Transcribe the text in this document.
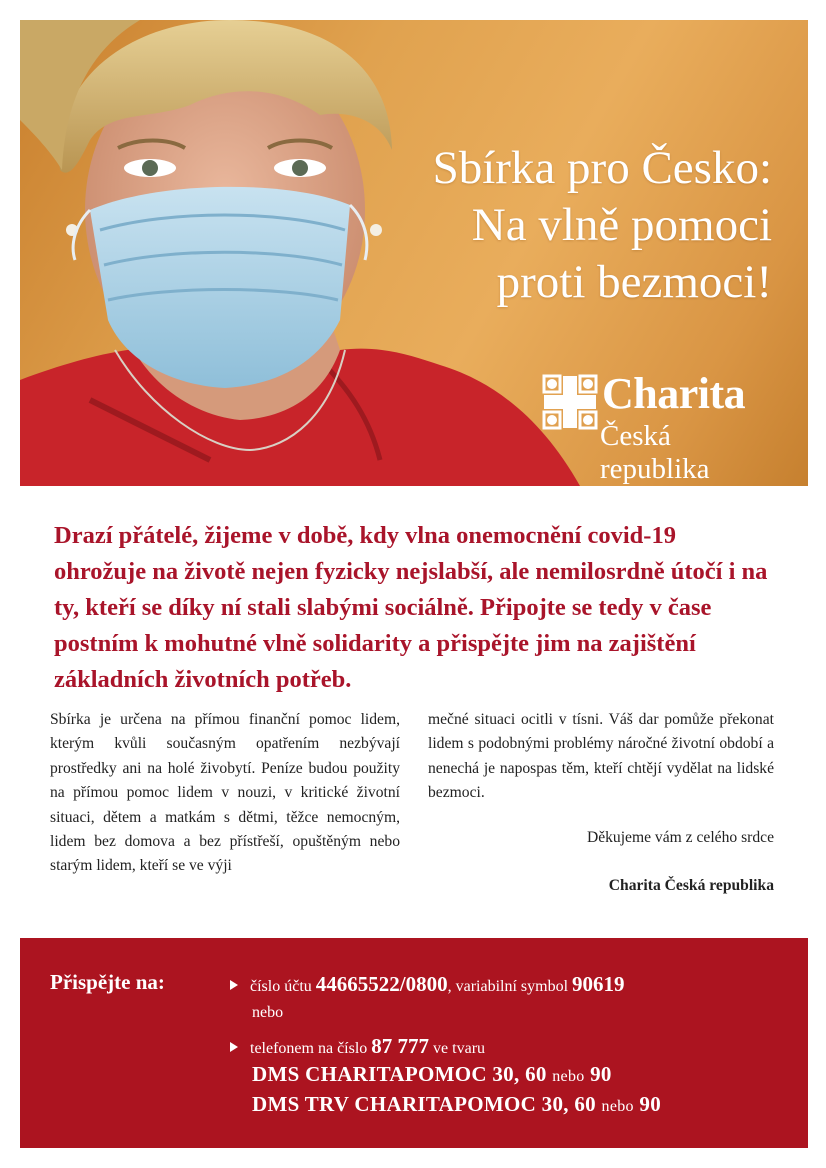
Sbírka pro Česko:
Na vlně pomoci
proti bezmoci!
Charita
Česká republika

Drazí přátelé, žijeme v době, kdy vlna onemocnění covid-19 ohrožuje na životě nejen fyzicky nejslabší, ale nemilosrdně útočí i na ty, kteří se díky ní stali slabými sociálně. Připojte se tedy v čase postním k mohutné vlně solidarity a přispějte jim na zajištění základních životních potřeb.

Sbírka je určena na přímou finanční pomoc lidem, kterým kvůli současným opatřením nezbývají prostředky ani na holé živobytí. Peníze budou použity na přímou pomoc lidem v nouzi, v kritické životní situaci, dětem a matkám s dětmi, těžce nemocným, lidem bez domova a bez přístřeší, opuštěným nebo starým lidem, kteří se ve výji

mečné situaci ocitli v tísni. Váš dar pomůže překonat lidem s podobnými problémy náročné životní období a nenechá je napospas těm, kteří chtějí vydělat na lidské bezmoci.

Děkujeme vám z celého srdce

Charita Česká republika

Přispějte na:	číslo účtu 44665522/0800, variabilní symbol 90619
nebo
telefonem na číslo 87 777 ve tvaru
DMS CHARITAPOMOC 30, 60 nebo 90
DMS TRV CHARITAPOMOC 30, 60 nebo 90
